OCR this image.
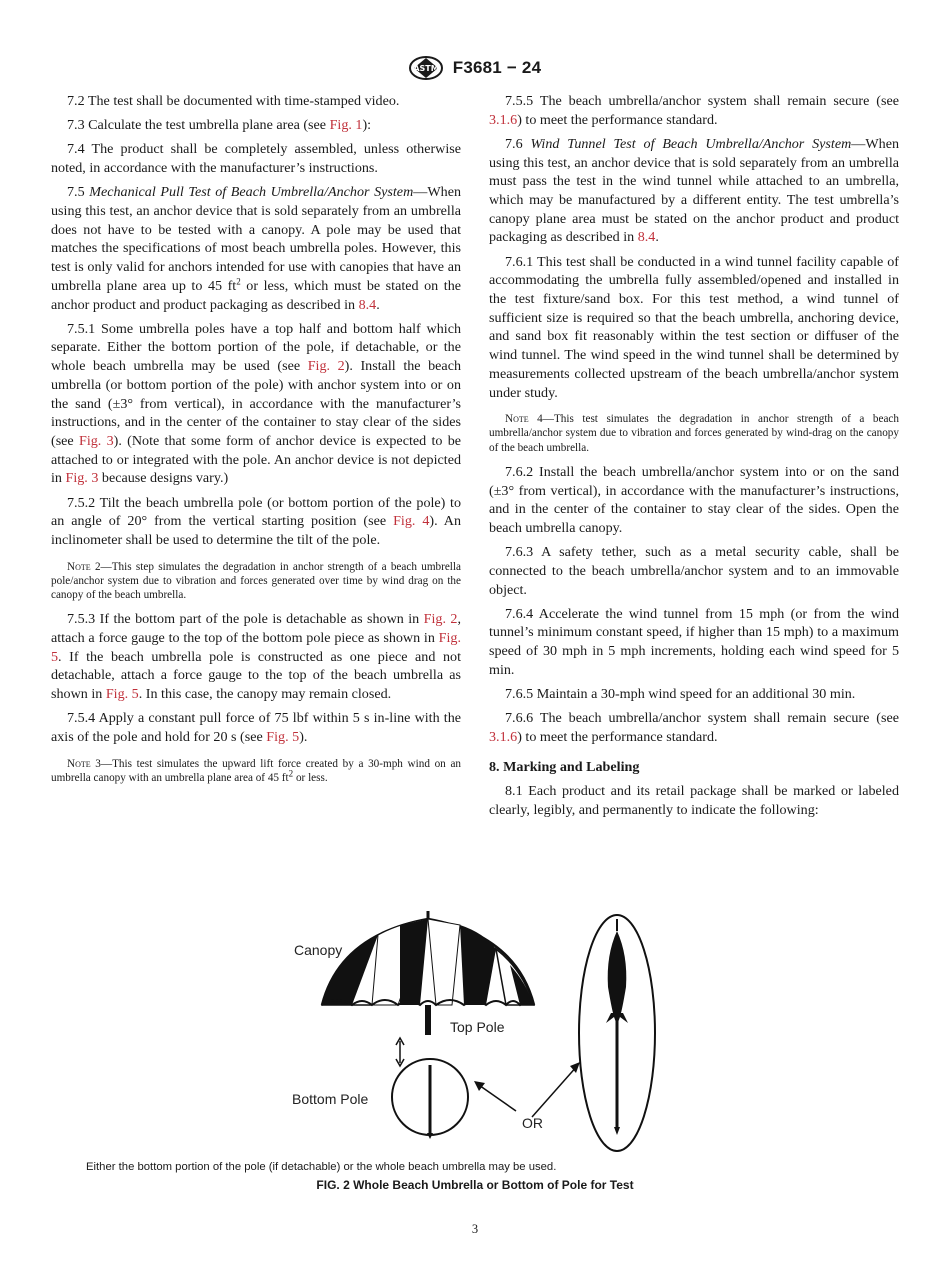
ASTM F3681 − 24

7.2 The test shall be documented with time-stamped video.

7.3 Calculate the test umbrella plane area (see Fig. 1):

7.4 The product shall be completely assembled, unless otherwise noted, in accordance with the manufacturer’s instructions.

7.5 Mechanical Pull Test of Beach Umbrella/Anchor System—When using this test, an anchor device that is sold separately from an umbrella does not have to be tested with a canopy. A pole may be used that matches the specifications of most beach umbrella poles. However, this test is only valid for anchors intended for use with canopies that have an umbrella plane area up to 45 $ft^2$ or less, which must be stated on the anchor product and product packaging as described in 8.4.

7.5.1 Some umbrella poles have a top half and bottom half which separate. Either the bottom portion of the pole, if detachable, or the whole beach umbrella may be used (see Fig. 2). Install the beach umbrella (or bottom portion of the pole) with anchor system into or on the sand (±3° from vertical), in accordance with the manufacturer’s instructions, and in the center of the container to stay clear of the sides (see Fig. 3). (Note that some form of anchor device is expected to be attached to or integrated with the pole. An anchor device is not depicted in Fig. 3 because designs vary.)

7.5.2 Tilt the beach umbrella pole (or bottom portion of the pole) to an angle of 20° from the vertical starting position (see Fig. 4). An inclinometer shall be used to determine the tilt of the pole.

Note 2—This step simulates the degradation in anchor strength of a beach umbrella pole/anchor system due to vibration and forces generated over time by wind drag on the canopy of the beach umbrella.

7.5.3 If the bottom part of the pole is detachable as shown in Fig. 2, attach a force gauge to the top of the bottom pole piece as shown in Fig. 5. If the beach umbrella pole is constructed as one piece and not detachable, attach a force gauge to the top of the beach umbrella as shown in Fig. 5. In this case, the canopy may remain closed.

7.5.4 Apply a constant pull force of 75 lbf within 5 s in-line with the axis of the pole and hold for 20 s (see Fig. 5).

Note 3—This test simulates the upward lift force created by a 30-mph wind on an umbrella canopy with an umbrella plane area of 45 $ft^2$ or less.

7.5.5 The beach umbrella/anchor system shall remain secure (see 3.1.6) to meet the performance standard.

7.6 Wind Tunnel Test of Beach Umbrella/Anchor System—When using this test, an anchor device that is sold separately from an umbrella must pass the test in the wind tunnel while attached to an umbrella, which may be manufactured by a different entity. The test umbrella’s canopy plane area must be stated on the anchor product and product packaging as described in 8.4.

7.6.1 This test shall be conducted in a wind tunnel facility capable of accommodating the umbrella fully assembled/opened and installed in the test fixture/sand box. For this test method, a wind tunnel of sufficient size is required so that the beach umbrella, anchoring device, and sand box fit reasonably within the test section or diffuser of the wind tunnel. The wind speed in the wind tunnel shall be determined by measurements collected upstream of the beach umbrella/anchor system under study.

Note 4—This test simulates the degradation in anchor strength of a beach umbrella/anchor system due to vibration and forces generated by wind-drag on the canopy of the beach umbrella.

7.6.2 Install the beach umbrella/anchor system into or on the sand (±3° from vertical), in accordance with the manufacturer’s instructions, and in the center of the container to stay clear of the sides. Open the beach umbrella canopy.

7.6.3 A safety tether, such as a metal security cable, shall be connected to the beach umbrella/anchor system and to an immovable object.

7.6.4 Accelerate the wind tunnel from 15 mph (or from the wind tunnel’s minimum constant speed, if higher than 15 mph) to a maximum speed of 30 mph in 5 mph increments, holding each wind speed for 5 min.

7.6.5 Maintain a 30-mph wind speed for an additional 30 min.

7.6.6 The beach umbrella/anchor system shall remain secure (see 3.1.6) to meet the performance standard.

8. Marking and Labeling

8.1 Each product and its retail package shall be marked or labeled clearly, legibly, and permanently to indicate the following:

Canopy
Top Pole
Bottom Pole
OR
Either the bottom portion of the pole (if detachable) or the whole beach umbrella may be used.
FIG. 2 Whole Beach Umbrella or Bottom of Pole for Test
3
